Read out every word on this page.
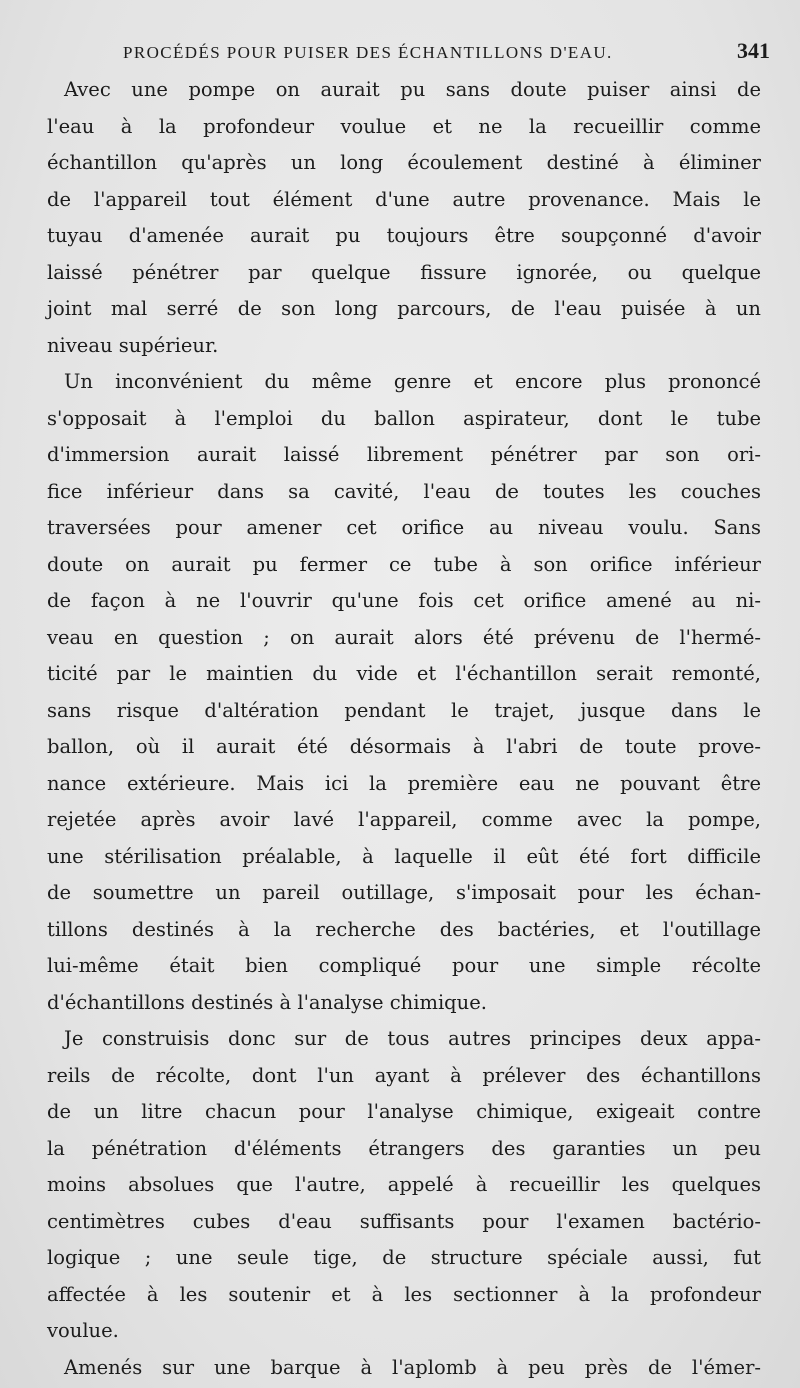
PROCÉDÉS POUR PUISER DES ÉCHANTILLONS D'EAU.	341
Avec une pompe on aurait pu sans doute puiser ainsi de
l'eau à la profondeur voulue et ne la recueillir comme
échantillon qu'après un long écoulement destiné à éliminer
de l'appareil tout élément d'une autre provenance. Mais le
tuyau d'amenée aurait pu toujours être soupçonné d'avoir
laissé pénétrer par quelque fissure ignorée, ou quelque
joint mal serré de son long parcours, de l'eau puisée à un
niveau supérieur.
Un inconvénient du même genre et encore plus prononcé
s'opposait à l'emploi du ballon aspirateur, dont le tube
d'immersion aurait laissé librement pénétrer par son ori-
fice inférieur dans sa cavité, l'eau de toutes les couches
traversées pour amener cet orifice au niveau voulu. Sans
doute on aurait pu fermer ce tube à son orifice inférieur
de façon à ne l'ouvrir qu'une fois cet orifice amené au ni-
veau en question ; on aurait alors été prévenu de l'hermé-
ticité par le maintien du vide et l'échantillon serait remonté,
sans risque d'altération pendant le trajet, jusque dans le
ballon, où il aurait été désormais à l'abri de toute prove-
nance extérieure. Mais ici la première eau ne pouvant être
rejetée après avoir lavé l'appareil, comme avec la pompe,
une stérilisation préalable, à laquelle il eût été fort difficile
de soumettre un pareil outillage, s'imposait pour les échan-
tillons destinés à la recherche des bactéries, et l'outillage
lui-même était bien compliqué pour une simple récolte
d'échantillons destinés à l'analyse chimique.
Je construisis donc sur de tous autres principes deux appa-
reils de récolte, dont l'un ayant à prélever des échantillons
de un litre chacun pour l'analyse chimique, exigeait contre
la pénétration d'éléments étrangers des garanties un peu
moins absolues que l'autre, appelé à recueillir les quelques
centimètres cubes d'eau suffisants pour l'examen bactério-
logique ; une seule tige, de structure spéciale aussi, fut
affectée à les soutenir et à les sectionner à la profondeur
voulue.
Amenés sur une barque à l'aplomb à peu près de l'émer-
